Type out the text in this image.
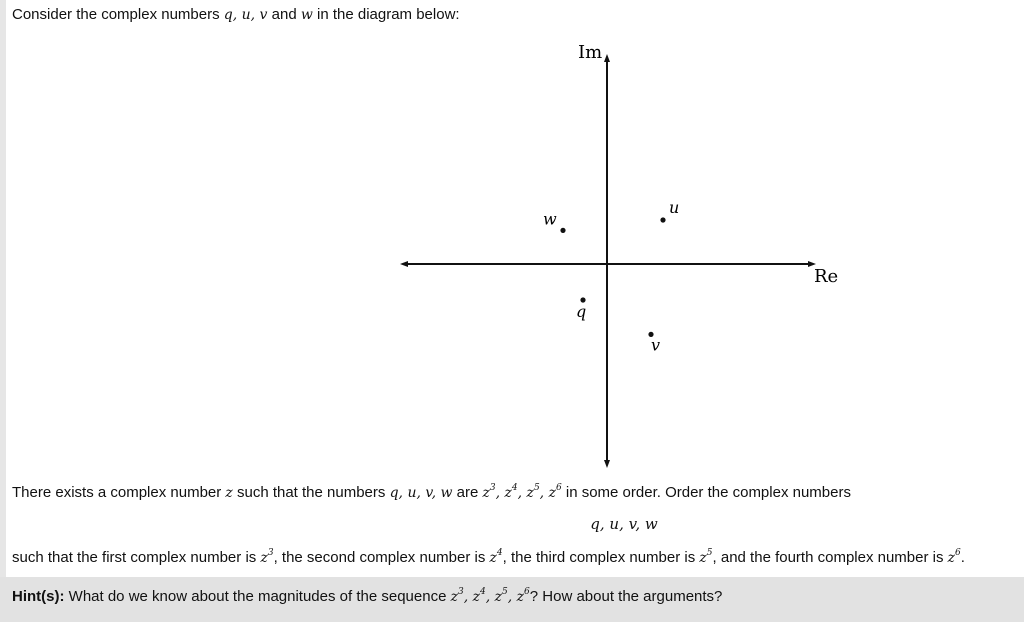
Consider the complex numbers q, u, v and w in the diagram below:
Im
Re
w
u
q
v
There exists a complex number z such that the numbers q, u, v, w are $z^3$, $z^4$, $z^5$, $z^6$ in some order. Order the complex numbers
q, u, v, w
such that the first complex number is $z^3$, the second complex number is $z^4$, the third complex number is $z^5$, and the fourth complex number is $z^6$.
Hint(s): What do we know about the magnitudes of the sequence $z^3$, $z^4$, $z^5$, $z^6$? How about the arguments?
